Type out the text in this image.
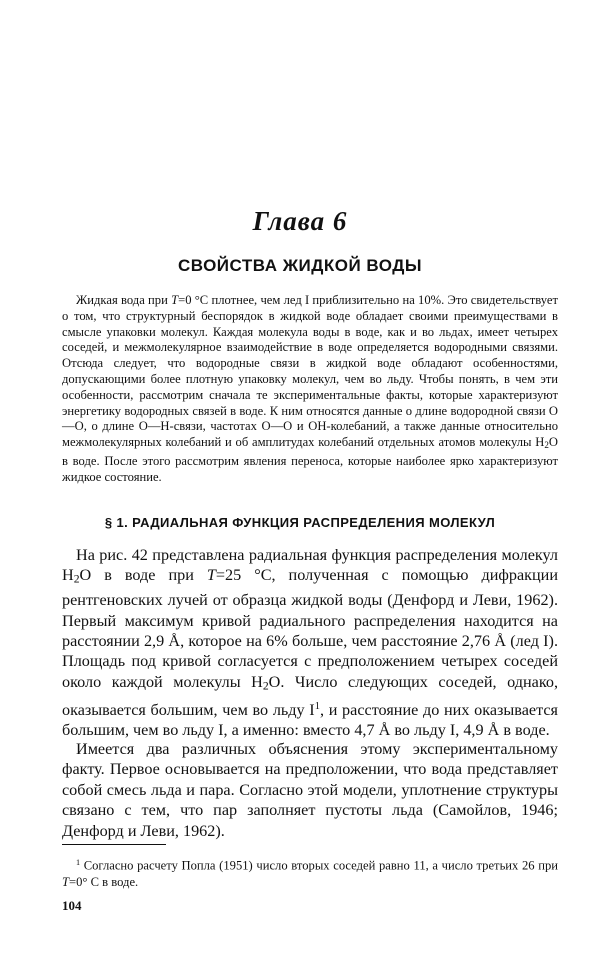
Глава 6
СВОЙСТВА ЖИДКОЙ ВОДЫ

Жидкая вода при T=0 °С плотнее, чем лед I приблизительно на 10%. Это свидетельствует о том, что структурный беспорядок в жидкой воде обладает своими преимуществами в смысле упаковки молекул. Каждая молекула воды в воде, как и во льдах, имеет четырех соседей, и межмолекулярное взаимодействие в воде определяется водородными связями. Отсюда следует, что водородные связи в жидкой воде обладают особенностями, допускающими более плотную упаковку молекул, чем во льду. Чтобы понять, в чем эти особенности, рассмотрим сначала те экспериментальные факты, которые характеризуют энергетику водородных связей в воде. К ним относятся данные о длине водородной связи О—О, о длине О—Н-связи, частотах О—О и ОН-колебаний, а также данные относительно межмолекулярных колебаний и об амплитудах колебаний отдельных атомов молекулы $Н_2О$ в воде. После этого рассмотрим явления переноса, которые наиболее ярко характеризуют жидкое состояние.

§ 1. РАДИАЛЬНАЯ ФУНКЦИЯ РАСПРЕДЕЛЕНИЯ МОЛЕКУЛ

На рис. 42 представлена радиальная функция распределения молекул $Н_2О$ в воде при T=25 °С, полученная с помощью дифракции рентгеновских лучей от образца жидкой воды (Денфорд и Леви, 1962). Первый максимум кривой радиального распределения находится на расстоянии 2,9 Å, которое на 6% больше, чем расстояние 2,76 Å (лед I). Площадь под кривой согласуется с предположением четырех соседей около каждой молекулы $Н_2О$. Число следующих соседей, однако, оказывается большим, чем во льду $I^1$, и расстояние до них оказывается большим, чем во льду I, а именно: вместо 4,7 Å во льду I, 4,9 Å в воде.

Имеется два различных объяснения этому экспериментальному факту. Первое основывается на предположении, что вода представляет собой смесь льда и пара. Согласно этой модели, уплотнение структуры связано с тем, что пар заполняет пустоты льда (Самойлов, 1946; Денфорд и Леви, 1962).

$^1$ Согласно расчету Попла (1951) число вторых соседей равно 11, а число третьих 26 при T=0° С в воде.

104
